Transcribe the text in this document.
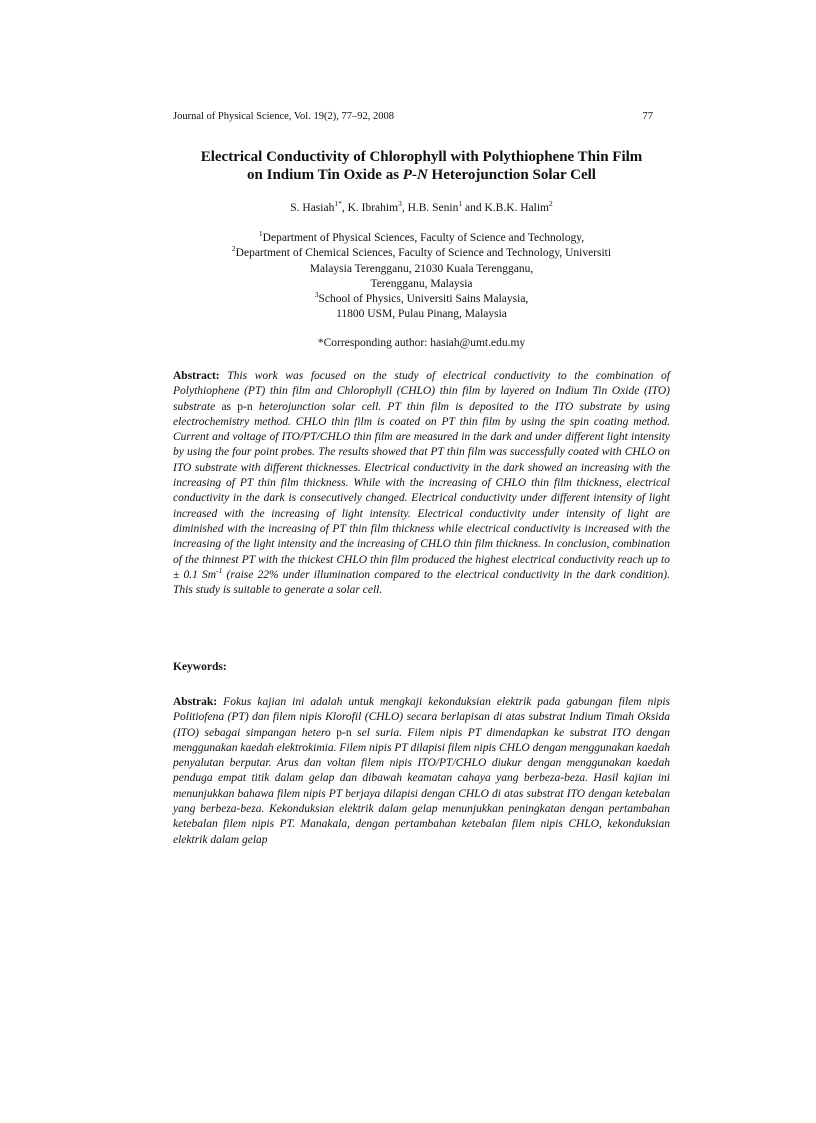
Journal of Physical Science, Vol. 19(2), 77–92, 2008	77
Electrical Conductivity of Chlorophyll with Polythiophene Thin Film
on Indium Tin Oxide as P-N Heterojunction Solar Cell
S. Hasiah$^{1*}$, K. Ibrahim$^3$, H.B. Senin$^1$ and K.B.K. Halim$^2$
$^1$Department of Physical Sciences, Faculty of Science and Technology,
$^2$Department of Chemical Sciences, Faculty of Science and Technology, Universiti
Malaysia Terengganu, 21030 Kuala Terengganu,
Terengganu, Malaysia
$^3$School of Physics, Universiti Sains Malaysia,
11800 USM, Pulau Pinang, Malaysia
*Corresponding author: hasiah@umt.edu.my
Abstract: This work was focused on the study of electrical conductivity to the combination of Polythiophene (PT) thin film and Chlorophyll (CHLO) thin film by layered on Indium Tin Oxide (ITO) substrate as p-n heterojunction solar cell. PT thin film is deposited to the ITO substrate by using electrochemistry method. CHLO thin film is coated on PT thin film by using the spin coating method. Current and voltage of ITO/PT/CHLO thin film are measured in the dark and under different light intensity by using the four point probes. The results showed that PT thin film was successfully coated with CHLO on ITO substrate with different thicknesses. Electrical conductivity in the dark showed an increasing with the increasing of PT thin film thickness. While with the increasing of CHLO thin film thickness, electrical conductivity in the dark is consecutively changed. Electrical conductivity under different intensity of light increased with the increasing of light intensity. Electrical conductivity under intensity of light are diminished with the increasing of PT thin film thickness while electrical conductivity is increased with the increasing of the light intensity and the increasing of CHLO thin film thickness. In conclusion, combination of the thinnest PT with the thickest CHLO thin film produced the highest electrical conductivity reach up to ± 0.1 $Sm^{-1}$ (raise 22% under illumination compared to the electrical conductivity in the dark condition). This study is suitable to generate a solar cell.
Keywords:
Abstrak: Fokus kajian ini adalah untuk mengkaji kekonduksian elektrik pada gabungan filem nipis Politiofena (PT) dan filem nipis Klorofil (CHLO) secara berlapisan di atas substrat Indium Timah Oksida (ITO) sebagai simpangan hetero p-n sel suria. Filem nipis PT dimendapkan ke substrat ITO dengan menggunakan kaedah elektrokimia. Filem nipis PT dilapisi filem nipis CHLO dengan menggunakan kaedah penyalutan berputar. Arus dan voltan filem nipis ITO/PT/CHLO diukur dengan menggunakan kaedah penduga empat titik dalam gelap dan dibawah keamatan cahaya yang berbeza-beza. Hasil kajian ini menunjukkan bahawa filem nipis PT berjaya dilapisi dengan CHLO di atas substrat ITO dengan ketebalan yang berbeza-beza. Kekonduksian elektrik dalam gelap menunjukkan peningkatan dengan pertambahan ketebalan filem nipis PT. Manakala, dengan pertambahan ketebalan filem nipis CHLO, kekonduksian elektrik dalam gelap
